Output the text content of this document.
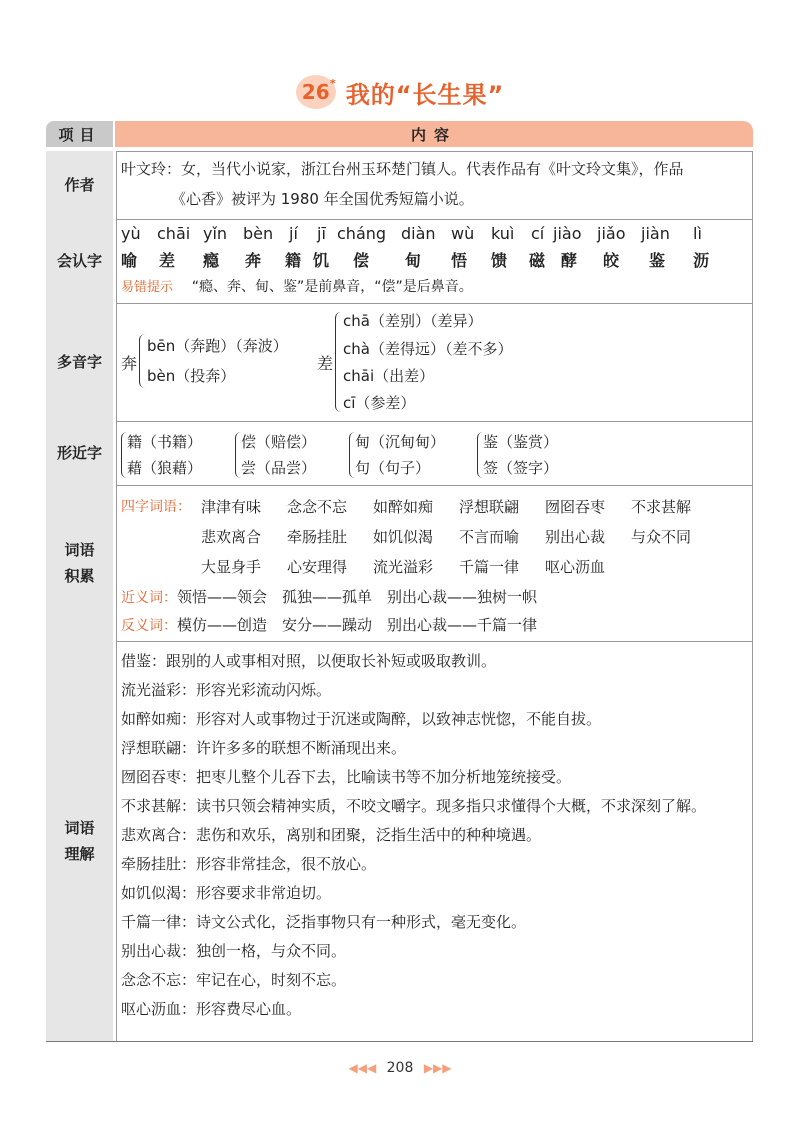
26* 我的“长生果”
项目	内容
作者
叶文玲：女，当代小说家，浙江台州玉环楚门镇人。代表作品有《叶文玲文集》，作品
《心香》被评为 1980 年全国优秀短篇小说。
会认字
yù chāi yǐn bèn jí jī cháng diàn wù kuì cí jiào jiǎo jiàn lì
喻 差 瘾 奔 籍 饥 偿 甸 悟 馈 磁 酵 皎 鉴 沥
易错提示 “瘾、奔、甸、鉴”是前鼻音，“偿”是后鼻音。
多音字	奔
bēn（奔跑）（奔波）
bèn（投奔）
差
chā（差别）（差异）
chà（差得远）（差不多）
chāi（出差）
cī（参差）
形近字
籍（书籍）
藉（狼藉）
偿（赔偿）
尝（品尝）
甸（沉甸甸）
句（句子）
鉴（鉴赏）
签（签字）
词语
积累
四字词语： 津津有味 念念不忘 如醉如痴 浮想联翩 囫囵吞枣 不求甚解
悲欢离合 牵肠挂肚 如饥似渴 不言而喻 别出心裁 与众不同
大显身手 心安理得 流光溢彩 千篇一律 呕心沥血
近义词：领悟——领会　孤独——孤单　别出心裁——独树一帜
反义词：模仿——创造　安分——躁动　别出心裁——千篇一律
词语
理解
借鉴：跟别的人或事相对照，以便取长补短或吸取教训。
流光溢彩：形容光彩流动闪烁。
如醉如痴：形容对人或事物过于沉迷或陶醉，以致神志恍惚，不能自拔。
浮想联翩：许许多多的联想不断涌现出来。
囫囵吞枣：把枣儿整个儿吞下去，比喻读书等不加分析地笼统接受。
不求甚解：读书只领会精神实质，不咬文嚼字。现多指只求懂得个大概，不求深刻了解。
悲欢离合：悲伤和欢乐，离别和团聚，泛指生活中的种种境遇。
牵肠挂肚：形容非常挂念，很不放心。
如饥似渴：形容要求非常迫切。
千篇一律：诗文公式化，泛指事物只有一种形式，毫无变化。
别出心裁：独创一格，与众不同。
念念不忘：牢记在心，时刻不忘。
呕心沥血：形容费尽心血。
◀◀◀ 208 ▶▶▶
